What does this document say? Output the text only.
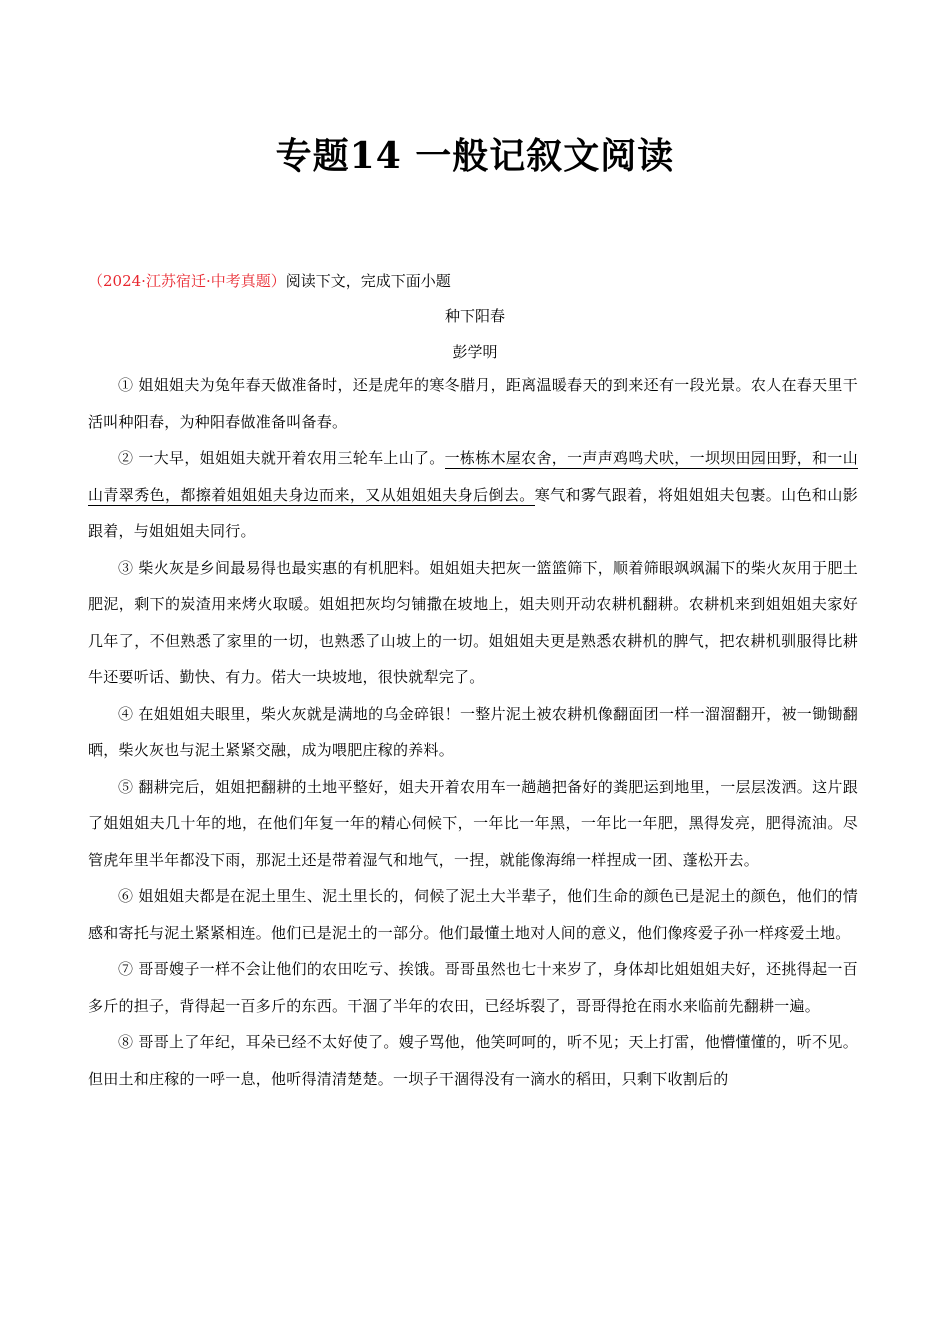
专题14 一般记叙文阅读
（2024·江苏宿迁·中考真题）阅读下文，完成下面小题
种下阳春
彭学明

① 姐姐姐夫为兔年春天做准备时，还是虎年的寒冬腊月，距离温暖春天的到来还有一段光景。农人在春天里干活叫种阳春，为种阳春做准备叫备春。

② 一大早，姐姐姐夫就开着农用三轮车上山了。一栋栋木屋农舍，一声声鸡鸣犬吠，一坝坝田园田野，和一山山青翠秀色，都擦着姐姐姐夫身边而来，又从姐姐姐夫身后倒去。寒气和雾气跟着，将姐姐姐夫包裹。山色和山影跟着，与姐姐姐夫同行。

③ 柴火灰是乡间最易得也最实惠的有机肥料。姐姐姐夫把灰一篮篮筛下，顺着筛眼飒飒漏下的柴火灰用于肥土肥泥，剩下的炭渣用来烤火取暖。姐姐把灰均匀铺撒在坡地上，姐夫则开动农耕机翻耕。农耕机来到姐姐姐夫家好几年了，不但熟悉了家里的一切，也熟悉了山坡上的一切。姐姐姐夫更是熟悉农耕机的脾气，把农耕机驯服得比耕牛还要听话、勤快、有力。偌大一块坡地，很快就犁完了。

④ 在姐姐姐夫眼里，柴火灰就是满地的乌金碎银！一整片泥土被农耕机像翻面团一样一溜溜翻开，被一锄锄翻晒，柴火灰也与泥土紧紧交融，成为喂肥庄稼的养料。

⑤ 翻耕完后，姐姐把翻耕的土地平整好，姐夫开着农用车一趟趟把备好的粪肥运到地里，一层层泼洒。这片跟了姐姐姐夫几十年的地，在他们年复一年的精心伺候下，一年比一年黑，一年比一年肥，黑得发亮，肥得流油。尽管虎年里半年都没下雨，那泥土还是带着湿气和地气，一捏，就能像海绵一样捏成一团、蓬松开去。

⑥ 姐姐姐夫都是在泥土里生、泥土里长的，伺候了泥土大半辈子，他们生命的颜色已是泥土的颜色，他们的情感和寄托与泥土紧紧相连。他们已是泥土的一部分。他们最懂土地对人间的意义，他们像疼爱子孙一样疼爱土地。

⑦ 哥哥嫂子一样不会让他们的农田吃亏、挨饿。哥哥虽然也七十来岁了，身体却比姐姐姐夫好，还挑得起一百多斤的担子，背得起一百多斤的东西。干涸了半年的农田，已经坼裂了，哥哥得抢在雨水来临前先翻耕一遍。

⑧ 哥哥上了年纪，耳朵已经不太好使了。嫂子骂他，他笑呵呵的，听不见；天上打雷，他懵懂懂的，听不见。但田土和庄稼的一呼一息，他听得清清楚楚。一坝子干涸得没有一滴水的稻田，只剩下收割后的
